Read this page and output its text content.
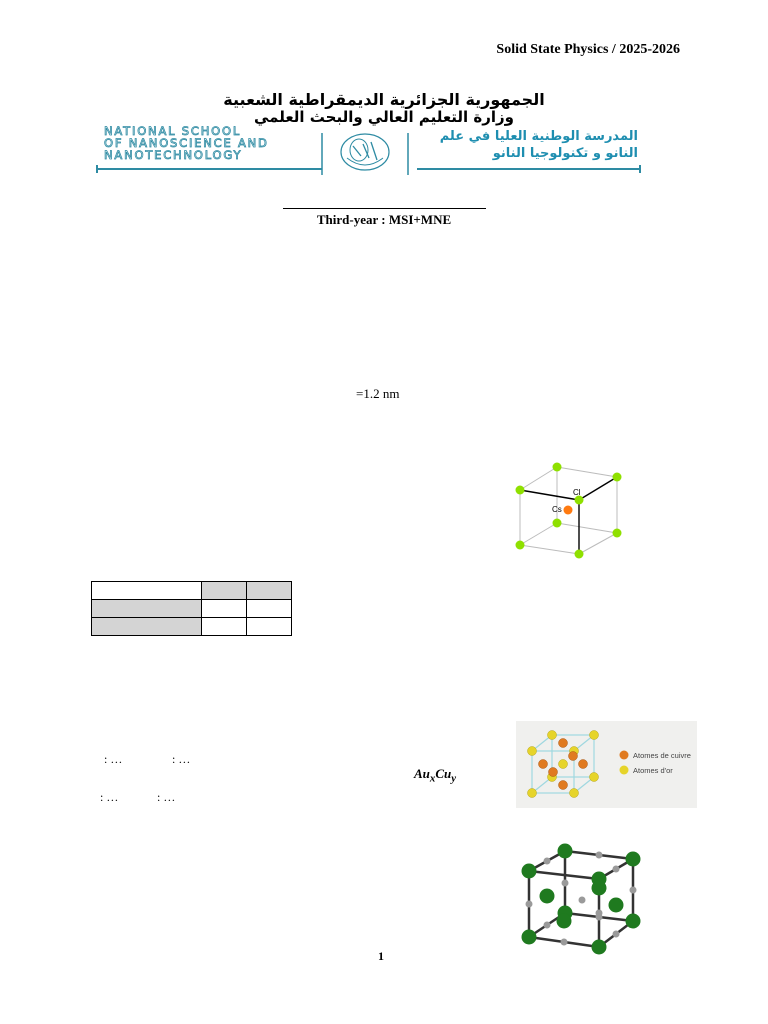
Solid State Physics / 2025-2026
الجمهورية الجزائرية الديمقراطية الشعبية
وزارة التعليم العالي والبحث العلمي
NATIONAL SCHOOL
OF NANOSCIENCE AND
NANOTECHNOLOGY
المدرسة الوطنية العليا في علم
النانو و تكنولوجيا النانو
Third-year : MSI+MNE
=1.2 nm
Cl
Cs

Atomes de cuivre
Atomes d'or
: …	: …
: …	: …
$Au_xCu_y$
1
